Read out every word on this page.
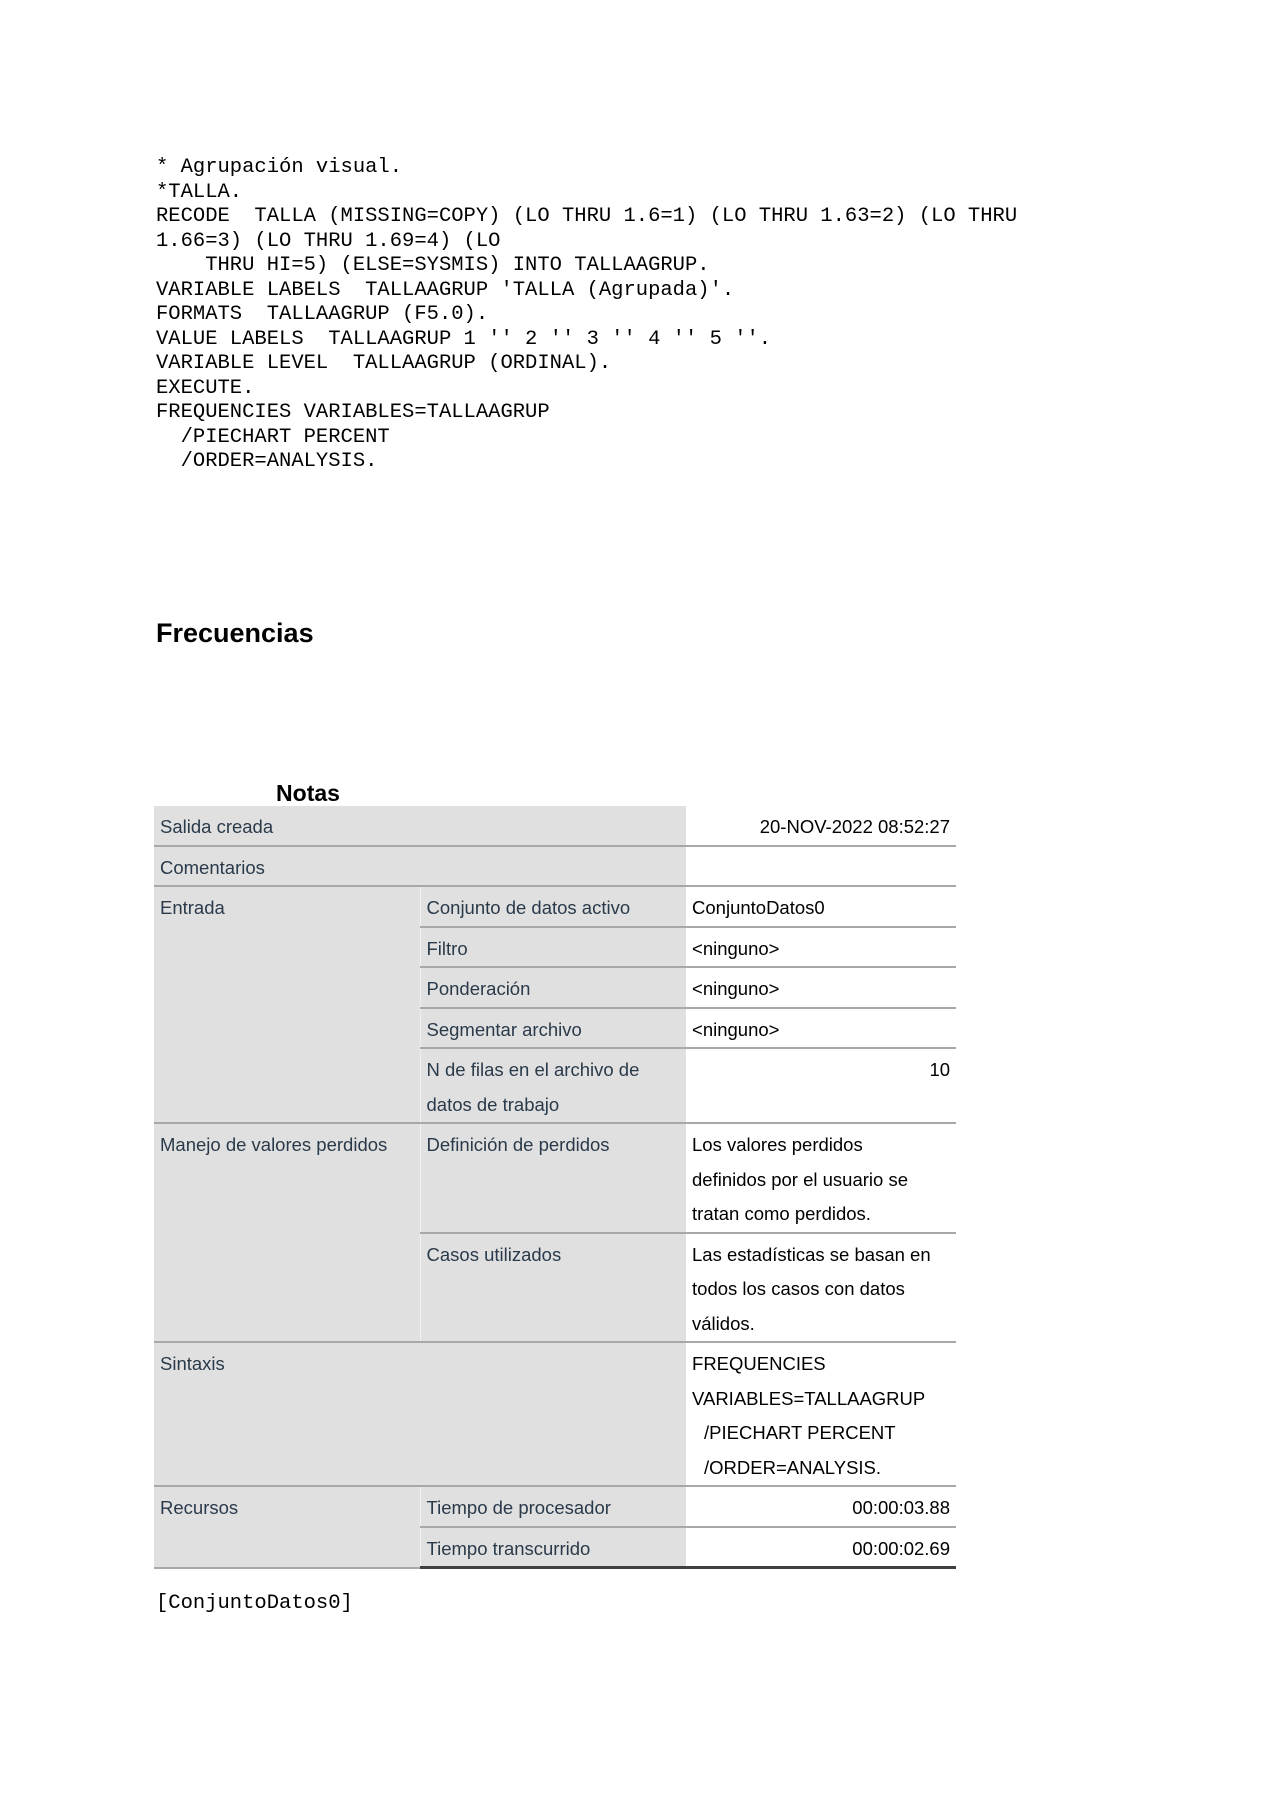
* Agrupación visual.
*TALLA.
RECODE  TALLA (MISSING=COPY) (LO THRU 1.6=1) (LO THRU 1.63=2) (LO THRU
1.66=3) (LO THRU 1.69=4) (LO
THRU HI=5) (ELSE=SYSMIS) INTO TALLAAGRUP.
VARIABLE LABELS  TALLAAGRUP 'TALLA (Agrupada)'.
FORMATS  TALLAAGRUP (F5.0).
VALUE LABELS  TALLAAGRUP 1 '' 2 '' 3 '' 4 '' 5 ''.
VARIABLE LEVEL  TALLAAGRUP (ORDINAL).
EXECUTE.
FREQUENCIES VARIABLES=TALLAAGRUP
/PIECHART PERCENT
/ORDER=ANALYSIS.
Frecuencias
Notas
Salida creada		20-NOV-2022 08:52:27
Comentarios		
Entrada	Conjunto de datos activo	ConjuntoDatos0
	Filtro	<ninguno>
	Ponderación	<ninguno>
	Segmentar archivo	<ninguno>

	N de filas en el archivo de
datos de trabajo	10
Manejo de valores perdidos	Definición de perdidos	Los valores perdidos
definidos por el usuario se
tratan como perdidos.

	Casos utilizados	Las estadísticas se basan en
todos los casos con datos
válidos.

Sintaxis		FREQUENCIES
VARIABLES=TALLAAGRUP
/PIECHART PERCENT
/ORDER=ANALYSIS.

Recursos	Tiempo de procesador	00:00:03.88
	Tiempo transcurrido	00:00:02.69
[ConjuntoDatos0]
